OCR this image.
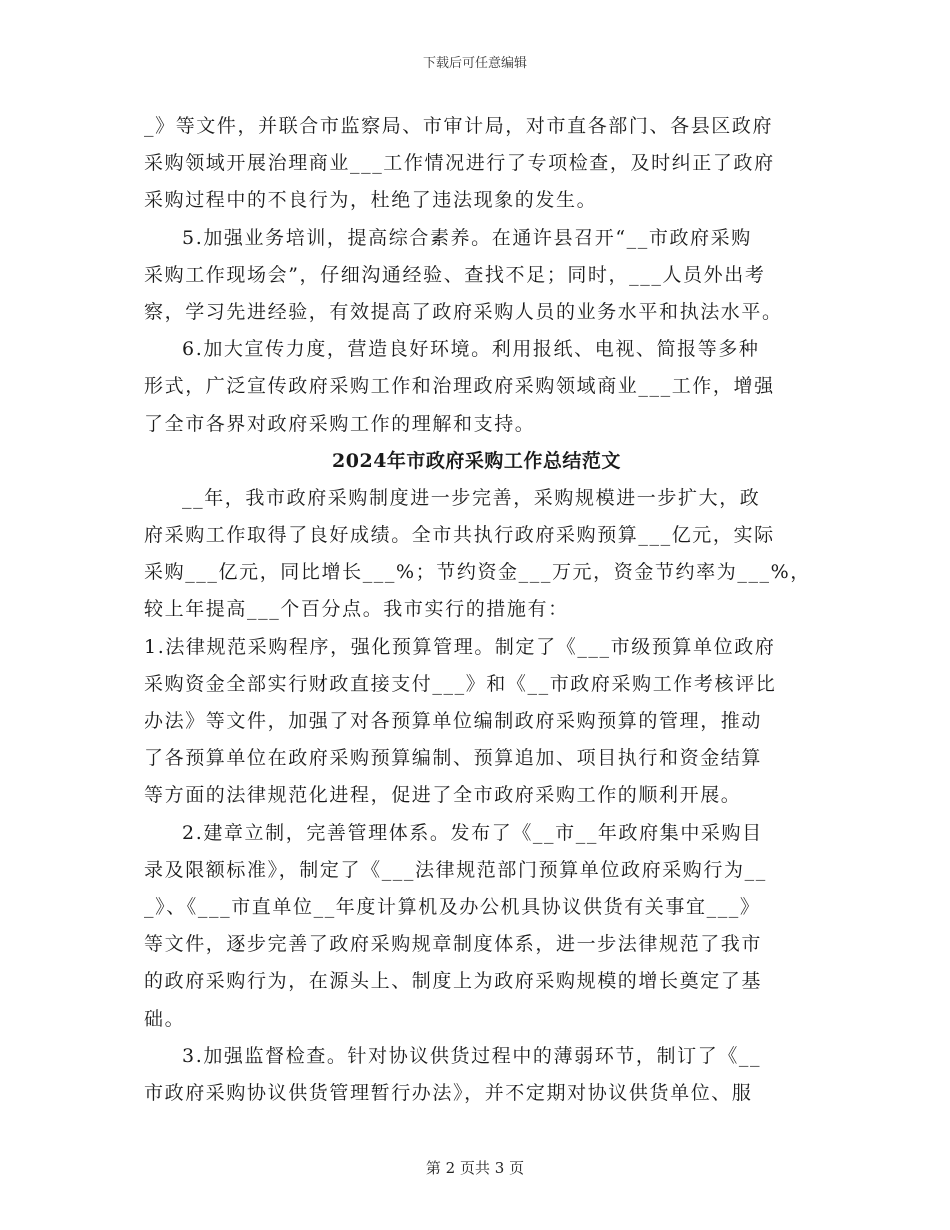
下载后可任意编辑
_》等文件，并联合市监察局、市审计局，对市直各部门、各县区政府
采购领域开展治理商业___工作情况进行了专项检查，及时纠正了政府
采购过程中的不良行为，杜绝了违法现象的发生。
5.加强业务培训，提高综合素养。在通许县召开“__市政府采购
采购工作现场会”，仔细沟通经验、查找不足；同时，___人员外出考
察，学习先进经验，有效提高了政府采购人员的业务水平和执法水平。
6.加大宣传力度，营造良好环境。利用报纸、电视、简报等多种
形式，广泛宣传政府采购工作和治理政府采购领域商业___工作，增强
了全市各界对政府采购工作的理解和支持。
2024年市政府采购工作总结范文
__年，我市政府采购制度进一步完善，采购规模进一步扩大，政
府采购工作取得了良好成绩。全市共执行政府采购预算___亿元，实际
采购___亿元，同比增长___%；节约资金___万元，资金节约率为___%，
较上年提高___个百分点。我市实行的措施有：
1.法律规范采购程序，强化预算管理。制定了《___市级预算单位政府
采购资金全部实行财政直接支付___》和《__市政府采购工作考核评比
办法》等文件，加强了对各预算单位编制政府采购预算的管理，推动
了各预算单位在政府采购预算编制、预算追加、项目执行和资金结算
等方面的法律规范化进程，促进了全市政府采购工作的顺利开展。
2.建章立制，完善管理体系。发布了《__市__年政府集中采购目
录及限额标准》，制定了《___法律规范部门预算单位政府采购行为__
_》、《___市直单位__年度计算机及办公机具协议供货有关事宜___》
等文件，逐步完善了政府采购规章制度体系，进一步法律规范了我市
的政府采购行为，在源头上、制度上为政府采购规模的增长奠定了基
础。
3.加强监督检查。针对协议供货过程中的薄弱环节，制订了《__
市政府采购协议供货管理暂行办法》，并不定期对协议供货单位、服
第 2 页共 3 页
